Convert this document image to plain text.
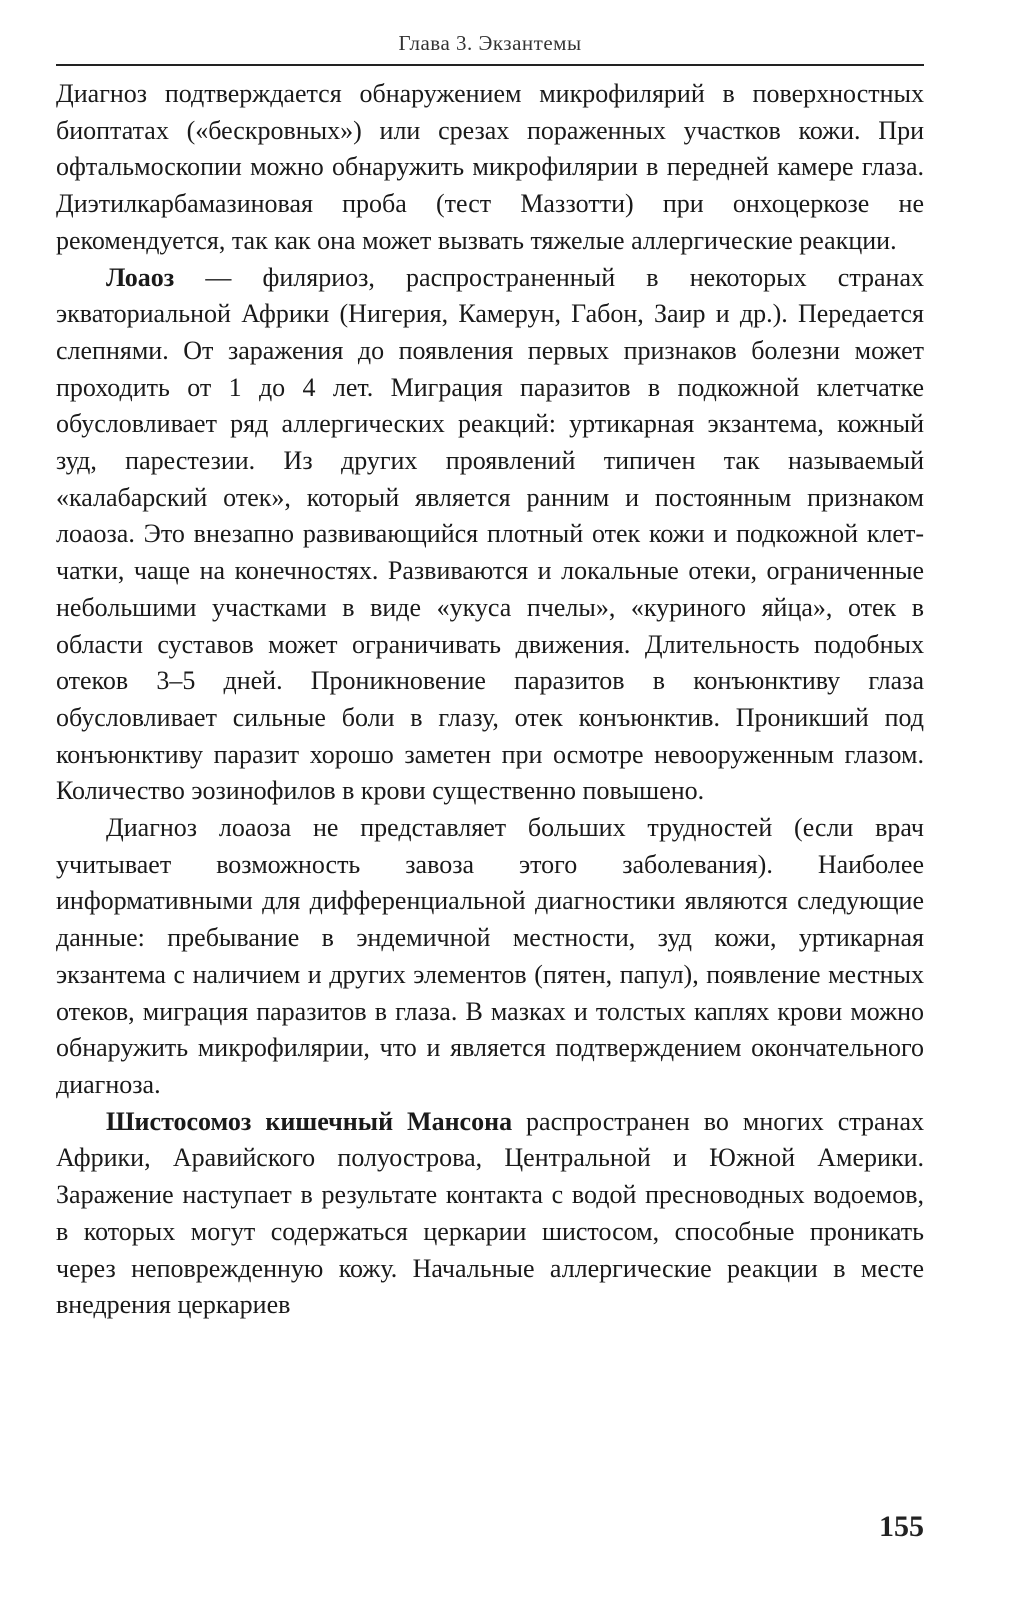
Глава 3. Экзантемы

Диагноз подтверждается обнаружением микрофилярий в поверхностных биоптатах («бескровных») или срезах пораженных участков кожи. При офтальмоскопии можно обнаружить микрофилярии в передней камере глаза. Диэтилкарбамазиновая проба (тест Маззотти) при онхоцеркозе не рекомендуется, так как она может вызвать тяжелые аллергические реакции.

Лоаоз — филяриоз, распространенный в некоторых странах экваториальной Африки (Нигерия, Камерун, Габон, Заир и др.). Передается слепнями. От заражения до появления первых признаков болезни может проходить от 1 до 4 лет. Миграция паразитов в подкожной клетчатке обусловливает ряд аллергических реакций: уртикарная экзантема, кожный зуд, парестезии. Из других проявлений типичен так называемый «калабарский отек», который является ранним и постоянным признаком лоаоза. Это внезапно развивающийся плотный отек кожи и подкожной клетчатки, чаще на конечностях. Развиваются и локальные отеки, ограниченные небольшими участками в виде «укуса пчелы», «куриного яйца», отек в области суставов может ограничивать движения. Длительность подобных отеков 3–5 дней. Проникновение паразитов в конъюнктиву глаза обусловливает сильные боли в глазу, отек конъюнктив. Проникший под конъюнктиву паразит хорошо заметен при осмотре невооруженным глазом. Количество эозинофилов в крови существенно повышено.

Диагноз лоаоза не представляет больших трудностей (если врач учитывает возможность завоза этого заболевания). Наиболее информативными для дифференциальной диагностики являются следующие данные: пребывание в эндемичной местности, зуд кожи, уртикарная экзантема с наличием и других элементов (пятен, папул), появление местных отеков, миграция паразитов в глаза. В мазках и толстых каплях крови можно обнаружить микрофилярии, что и является подтверждением окончательного диагноза.

Шистосомоз кишечный Мансона распространен во многих странах Африки, Аравийского полуострова, Центральной и Южной Америки. Заражение наступает в результате контакта с водой пресноводных водоемов, в которых могут содержаться церкарии шистосом, способные проникать через неповрежденную кожу. Начальные аллергические реакции в месте внедрения церкариев

155
